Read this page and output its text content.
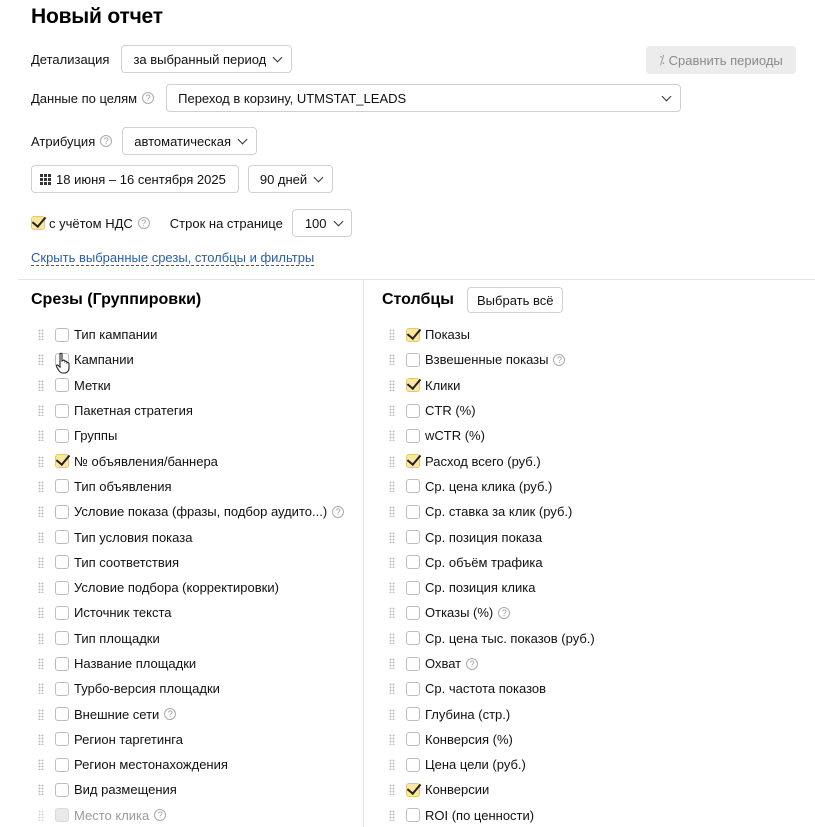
Новый отчет
Детализация за выбранный период	⁒ Сравнить периоды
Данные по целям ? Переход в корзину, UTMSTAT_LEADS
Атрибуция ? автоматическая
18 июня – 16 сентября 2025	90 дней
с учётом НДС ? Строк на странице 100
Скрыть выбранные срезы, столбцы и фильтры
Срезы (Группировки)	Столбцы	Выбрать всё
Тип кампании
Кампании
Метки
Пакетная стратегия
Группы
№ объявления/баннера
Тип объявления
Условие показа (фразы, подбор аудито...) ?
Тип условия показа
Тип соответствия
Условие подбора (корректировки)
Источник текста
Тип площадки
Название площадки
Турбо-версия площадки
Внешние сети ?
Регион таргетинга
Регион местонахождения
Вид размещения
Место клика ?
Показы
Взвешенные показы ?
Клики
CTR (%)
wCTR (%)
Расход всего (руб.)
Ср. цена клика (руб.)
Ср. ставка за клик (руб.)
Ср. позиция показа
Ср. объём трафика
Ср. позиция клика
Отказы (%) ?
Ср. цена тыс. показов (руб.)
Охват ?
Ср. частота показов
Глубина (стр.)
Конверсия (%)
Цена цели (руб.)
Конверсии
ROI (по ценности)
